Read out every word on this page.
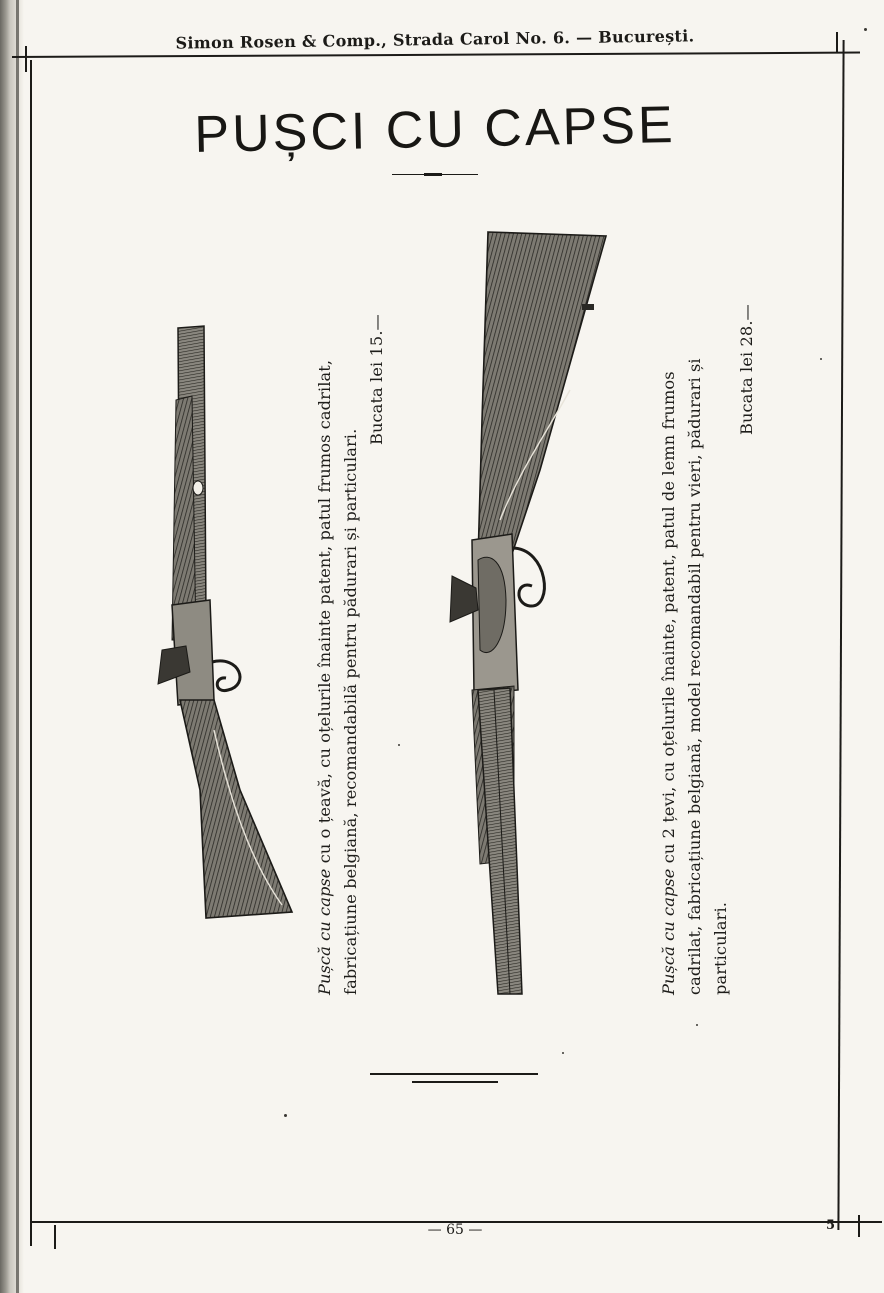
Simon Rosen & Comp., Strada Carol No. 6. — București.
PUȘCI CU CAPSE
Pușcă cu capse cu o țeavă, cu oțelurile înainte patent, patul frumos cadrilat, fabricațiune belgiană, recomandabilă pentru pădurari și particulari.
Bucata lei 15.—
Pușcă cu capse cu 2 țevi, cu oțelurile înainte, patent, patul de lemn frumos cadrilat, fabricațiune belgiană, model recomandabil pentru vieri, pădurari și particulari.
Bucata lei 28.—
— 65 —	5
